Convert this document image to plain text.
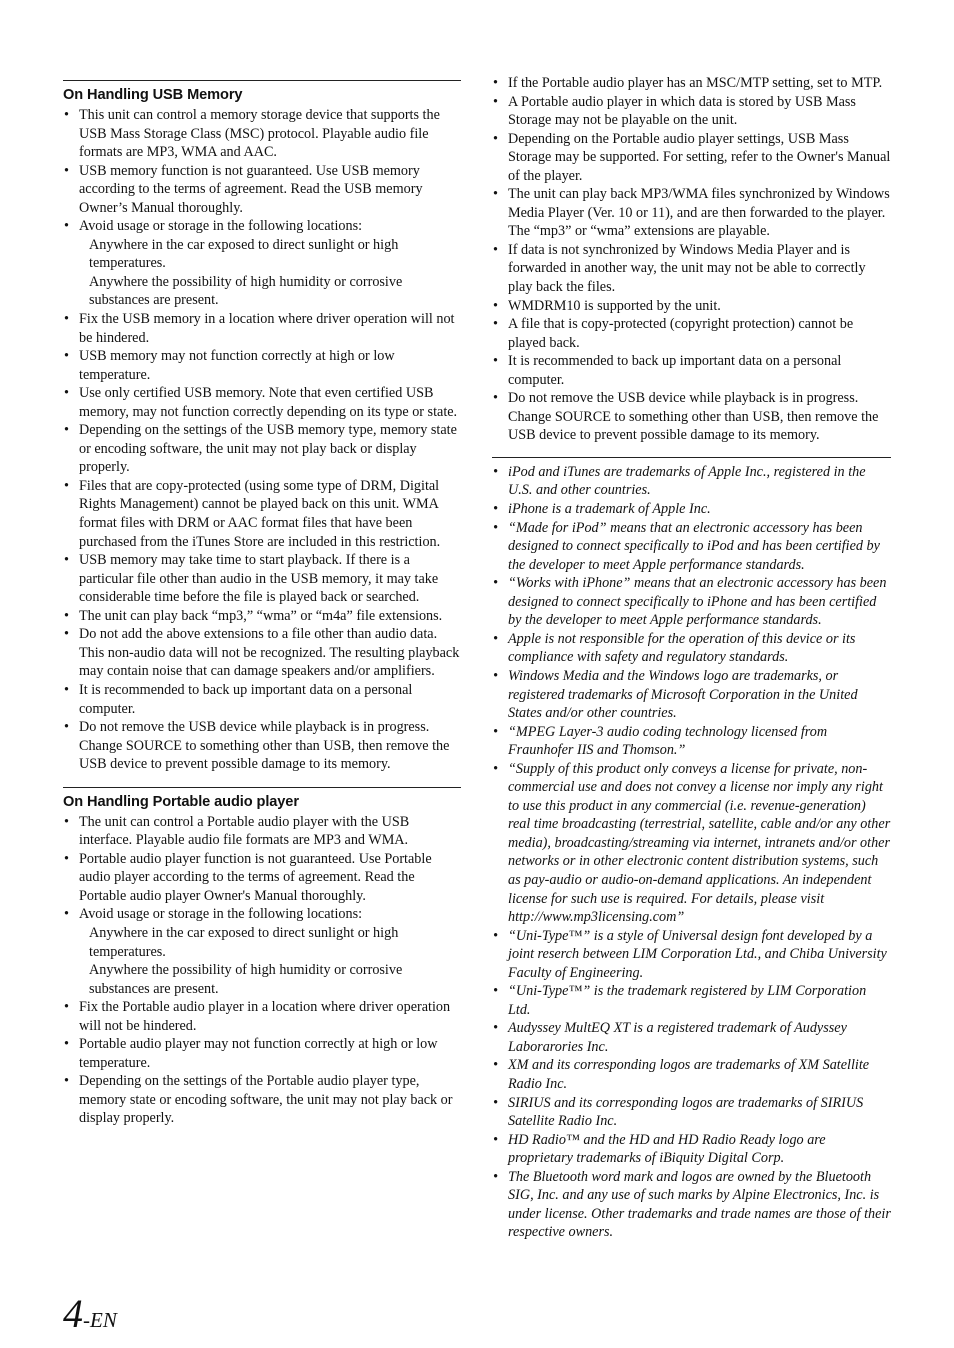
On Handling USB Memory
• This unit can control a memory storage device that supports the USB Mass Storage Class (MSC) protocol. Playable audio file formats are MP3, WMA and AAC.
• USB memory function is not guaranteed. Use USB memory according to the terms of agreement. Read the USB memory Owner’s Manual thoroughly.
• Avoid usage or storage in the following locations:
Anywhere in the car exposed to direct sunlight or high temperatures.
Anywhere the possibility of high humidity or corrosive substances are present.
• Fix the USB memory in a location where driver operation will not be hindered.
• USB memory may not function correctly at high or low temperature.
• Use only certified USB memory. Note that even certified USB memory, may not function correctly depending on its type or state.
• Depending on the settings of the USB memory type, memory state or encoding software, the unit may not play back or display properly.
• Files that are copy-protected (using some type of DRM, Digital Rights Management) cannot be played back on this unit. WMA format files with DRM or AAC format files that have been purchased from the iTunes Store are included in this restriction.
• USB memory may take time to start playback. If there is a particular file other than audio in the USB memory, it may take considerable time before the file is played back or searched.
• The unit can play back “mp3,” “wma” or “m4a” file extensions.
• Do not add the above extensions to a file other than audio data. This non-audio data will not be recognized. The resulting playback may contain noise that can damage speakers and/or amplifiers.
• It is recommended to back up important data on a personal computer.
• Do not remove the USB device while playback is in progress. Change SOURCE to something other than USB, then remove the USB device to prevent possible damage to its memory.
On Handling Portable audio player
• The unit can control a Portable audio player with the USB interface. Playable audio file formats are MP3 and WMA.
• Portable audio player function is not guaranteed. Use Portable audio player according to the terms of agreement. Read the Portable audio player Owner's Manual thoroughly.
• Avoid usage or storage in the following locations:
Anywhere in the car exposed to direct sunlight or high temperatures.
Anywhere the possibility of high humidity or corrosive substances are present.
• Fix the Portable audio player in a location where driver operation will not be hindered.
• Portable audio player may not function correctly at high or low temperature.
• Depending on the settings of the Portable audio player type, memory state or encoding software, the unit may not play back or display properly.
• If the Portable audio player has an MSC/MTP setting, set to MTP.
• A Portable audio player in which data is stored by USB Mass Storage may not be playable on the unit.
• Depending on the Portable audio player settings, USB Mass Storage may be supported. For setting, refer to the Owner's Manual of the player.
• The unit can play back MP3/WMA files synchronized by Windows Media Player (Ver. 10 or 11), and are then forwarded to the player. The “mp3” or “wma” extensions are playable.
• If data is not synchronized by Windows Media Player and is forwarded in another way, the unit may not be able to correctly play back the files.
• WMDRM10 is supported by the unit.
• A file that is copy-protected (copyright protection) cannot be played back.
• It is recommended to back up important data on a personal computer.
• Do not remove the USB device while playback is in progress. Change SOURCE to something other than USB, then remove the USB device to prevent possible damage to its memory.
• iPod and iTunes are trademarks of Apple Inc., registered in the U.S. and other countries.
• iPhone is a trademark of Apple Inc.
• “Made for iPod” means that an electronic accessory has been designed to connect specifically to iPod and has been certified by the developer to meet Apple performance standards.
• “Works with iPhone” means that an electronic accessory has been designed to connect specifically to iPhone and has been certified by the developer to meet Apple performance standards.
• Apple is not responsible for the operation of this device or its compliance with safety and regulatory standards.
• Windows Media and the Windows logo are trademarks, or registered trademarks of Microsoft Corporation in the United States and/or other countries.
• “MPEG Layer-3 audio coding technology licensed from Fraunhofer IIS and Thomson.”
• “Supply of this product only conveys a license for private, non-commercial use and does not convey a license nor imply any right to use this product in any commercial (i.e. revenue-generation) real time broadcasting (terrestrial, satellite, cable and/or any other media), broadcasting/streaming via internet, intranets and/or other networks or in other electronic content distribution systems, such as pay-audio or audio-on-demand applications. An independent license for such use is required. For details, please visit http://www.mp3licensing.com”
• “Uni-Type™” is a style of Universal design font developed by a joint reserch between LIM Corporation Ltd., and Chiba University Faculty of Engineering.
• “Uni-Type™” is the trademark registered by LIM Corporation Ltd.
• Audyssey MultEQ XT is a registered trademark of Audyssey Laborarories Inc.
• XM and its corresponding logos are trademarks of XM Satellite Radio Inc.
• SIRIUS and its corresponding logos are trademarks of SIRIUS Satellite Radio Inc.
• HD Radio™ and the HD and HD Radio Ready logo are proprietary trademarks of iBiquity Digital Corp.
• The Bluetooth word mark and logos are owned by the Bluetooth SIG, Inc. and any use of such marks by Alpine Electronics, Inc. is under license. Other trademarks and trade names are those of their respective owners.
4-EN
